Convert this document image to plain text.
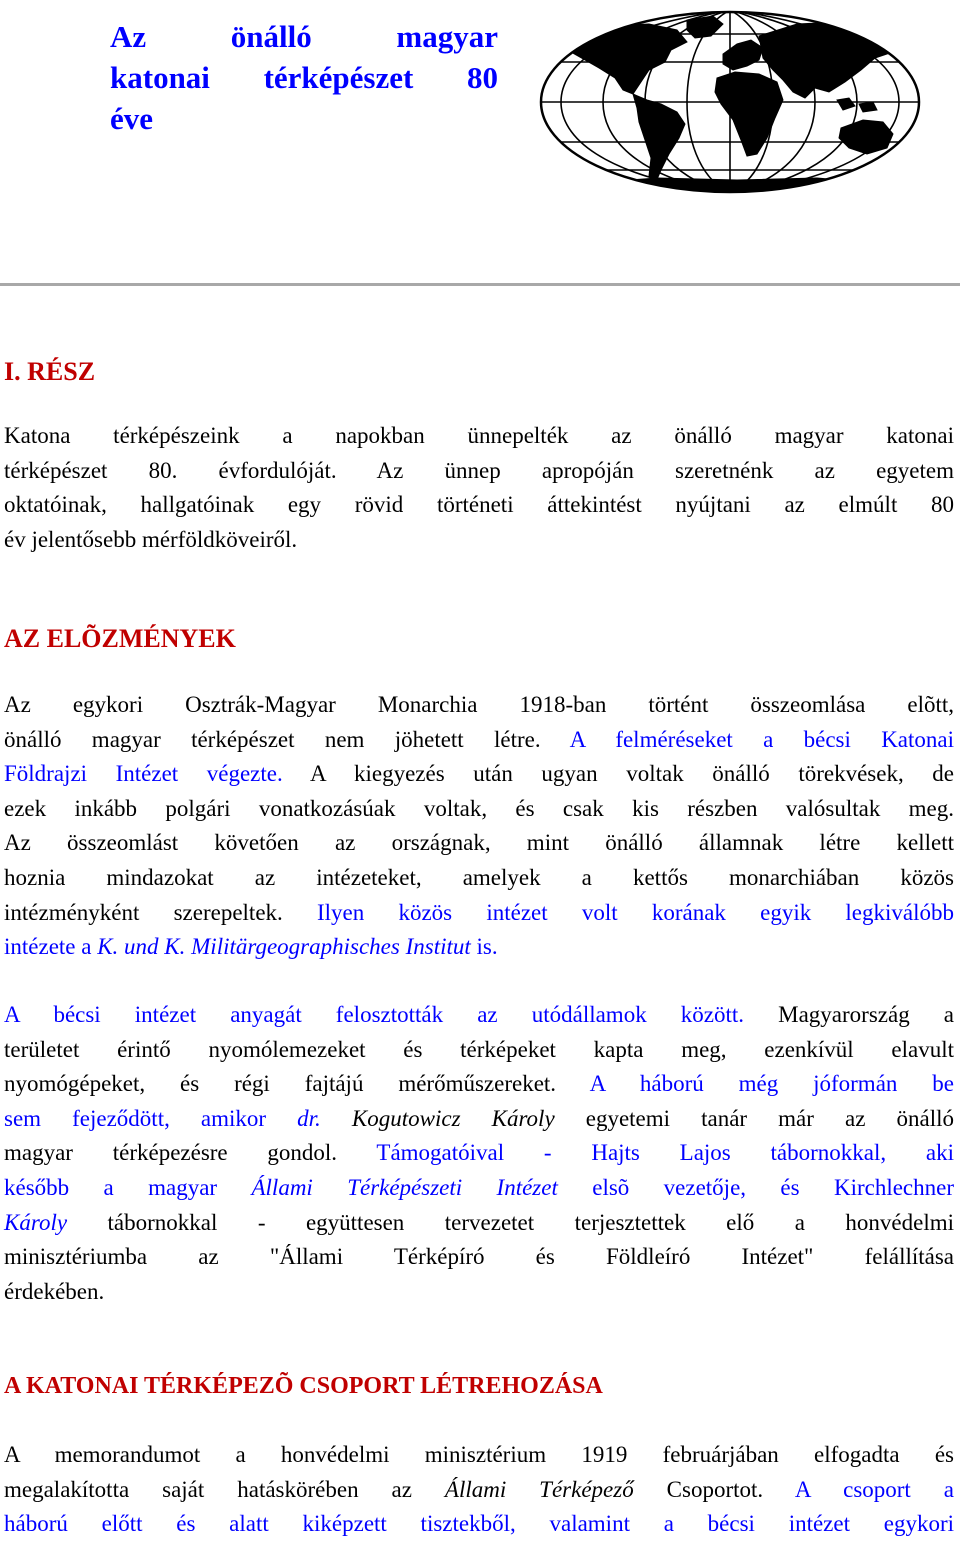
Az önálló magyar
katonai térképészet 80
éve
I. RÉSZ
Katona térképészeink a napokban ünnepelték az önálló magyar katonai
térképészet 80. évfordulóját. Az ünnep apropóján szeretnénk az egyetem
oktatóinak, hallgatóinak egy rövid történeti áttekintést nyújtani az elmúlt 80
év jelentősebb mérföldköveiről.
AZ ELÕZMÉNYEK
Az egykori Osztrák-Magyar Monarchia 1918-ban történt összeomlása elõtt,
önálló magyar térképészet nem jöhetett létre. A felméréseket a bécsi Katonai
Földrajzi Intézet végezte. A kiegyezés után ugyan voltak önálló törekvések, de
ezek inkább polgári vonatkozásúak voltak, és csak kis részben valósultak meg.
Az összeomlást követően az országnak, mint önálló államnak létre kellett
hoznia mindazokat az intézeteket, amelyek a kettős monarchiában közös
intézményként szerepeltek. Ilyen közös intézet volt korának egyik legkiválóbb
intézete a K. und K. Militärgeographisches Institut is.
A bécsi intézet anyagát felosztották az utódállamok között. Magyarország a
területet érintő nyomólemezeket és térképeket kapta meg, ezenkívül elavult
nyomógépeket, és régi fajtájú mérőműszereket. A háború még jóformán be
sem fejeződött, amikor dr. Kogutowicz Károly egyetemi tanár már az önálló
magyar térképezésre gondol. Támogatóival - Hajts Lajos tábornokkal, aki
később a magyar Állami Térképészeti Intézet elsõ vezetője, és Kirchlechner
Károly tábornokkal - együttesen tervezetet terjesztettek elő a honvédelmi
minisztériumba az "Állami Térképíró és Földleíró Intézet" felállítása
érdekében.
A KATONAI TÉRKÉPEZÕ CSOPORT LÉTREHOZÁSA
A memorandumot a honvédelmi minisztérium 1919 februárjában elfogadta és
megalakította saját hatáskörében az Állami Térképező Csoportot. A csoport a
háború előtt és alatt kiképzett tisztekből, valamint a bécsi intézet egykori
